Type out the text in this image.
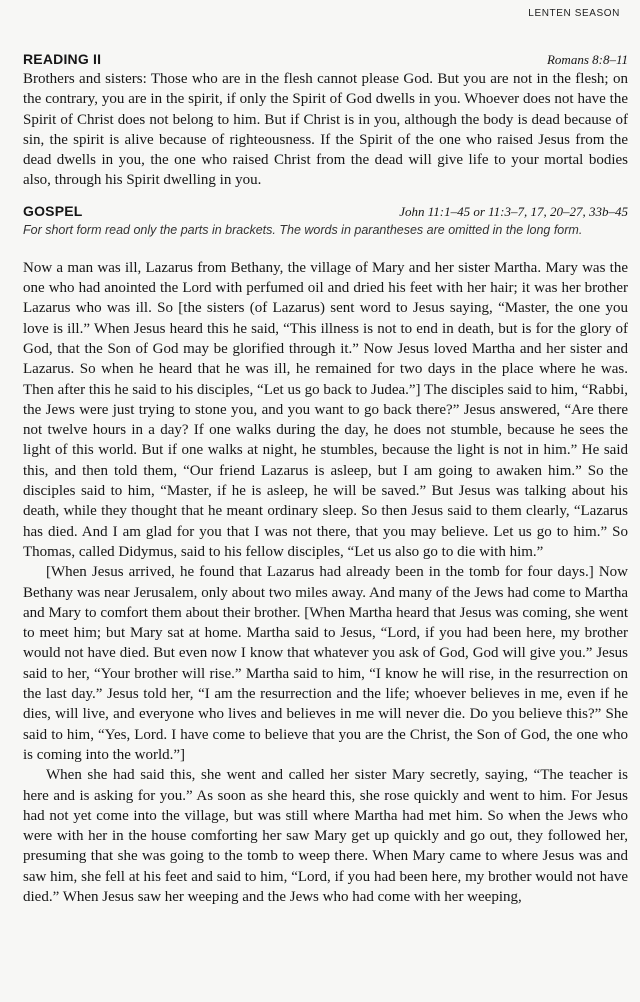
LENTEN SEASON
READING II	Romans 8:8–11

Brothers and sisters: Those who are in the flesh cannot please God. But you are not in the flesh; on the contrary, you are in the spirit, if only the Spirit of God dwells in you. Whoever does not have the Spirit of Christ does not belong to him. But if Christ is in you, although the body is dead because of sin, the spirit is alive because of righteousness. If the Spirit of the one who raised Jesus from the dead dwells in you, the one who raised Christ from the dead will give life to your mortal bodies also, through his Spirit dwelling in you.

GOSPEL	John 11:1–45 or 11:3–7, 17, 20–27, 33b–45

For short form read only the parts in brackets. The words in parantheses are omitted in the long form.

Now a man was ill, Lazarus from Bethany, the village of Mary and her sister Martha. Mary was the one who had anointed the Lord with perfumed oil and dried his feet with her hair; it was her brother Lazarus who was ill. So [the sisters (of Lazarus) sent word to Jesus saying, “Master, the one you love is ill.” When Jesus heard this he said, “This illness is not to end in death, but is for the glory of God, that the Son of God may be glorified through it.” Now Jesus loved Martha and her sister and Lazarus. So when he heard that he was ill, he remained for two days in the place where he was. Then after this he said to his disciples, “Let us go back to Judea.”] The disciples said to him, “Rabbi, the Jews were just trying to stone you, and you want to go back there?” Jesus answered, “Are there not twelve hours in a day? If one walks during the day, he does not stumble, because he sees the light of this world. But if one walks at night, he stumbles, because the light is not in him.” He said this, and then told them, “Our friend Lazarus is asleep, but I am going to awaken him.” So the disciples said to him, “Master, if he is asleep, he will be saved.” But Jesus was talking about his death, while they thought that he meant ordinary sleep. So then Jesus said to them clearly, “Lazarus has died. And I am glad for you that I was not there, that you may believe. Let us go to him.” So Thomas, called Didymus, said to his fellow disciples, “Let us also go to die with him.”

[When Jesus arrived, he found that Lazarus had already been in the tomb for four days.] Now Bethany was near Jerusalem, only about two miles away. And many of the Jews had come to Martha and Mary to comfort them about their brother. [When Martha heard that Jesus was coming, she went to meet him; but Mary sat at home. Martha said to Jesus, “Lord, if you had been here, my brother would not have died. But even now I know that whatever you ask of God, God will give you.” Jesus said to her, “Your brother will rise.” Martha said to him, “I know he will rise, in the resurrection on the last day.” Jesus told her, “I am the resurrection and the life; whoever believes in me, even if he dies, will live, and everyone who lives and believes in me will never die. Do you believe this?” She said to him, “Yes, Lord. I have come to believe that you are the Christ, the Son of God, the one who is coming into the world.”]

When she had said this, she went and called her sister Mary secretly, saying, “The teacher is here and is asking for you.” As soon as she heard this, she rose quickly and went to him. For Jesus had not yet come into the village, but was still where Martha had met him. So when the Jews who were with her in the house comforting her saw Mary get up quickly and go out, they followed her, presuming that she was going to the tomb to weep there. When Mary came to where Jesus was and saw him, she fell at his feet and said to him, “Lord, if you had been here, my brother would not have died.” When Jesus saw her weeping and the Jews who had come with her weeping,
